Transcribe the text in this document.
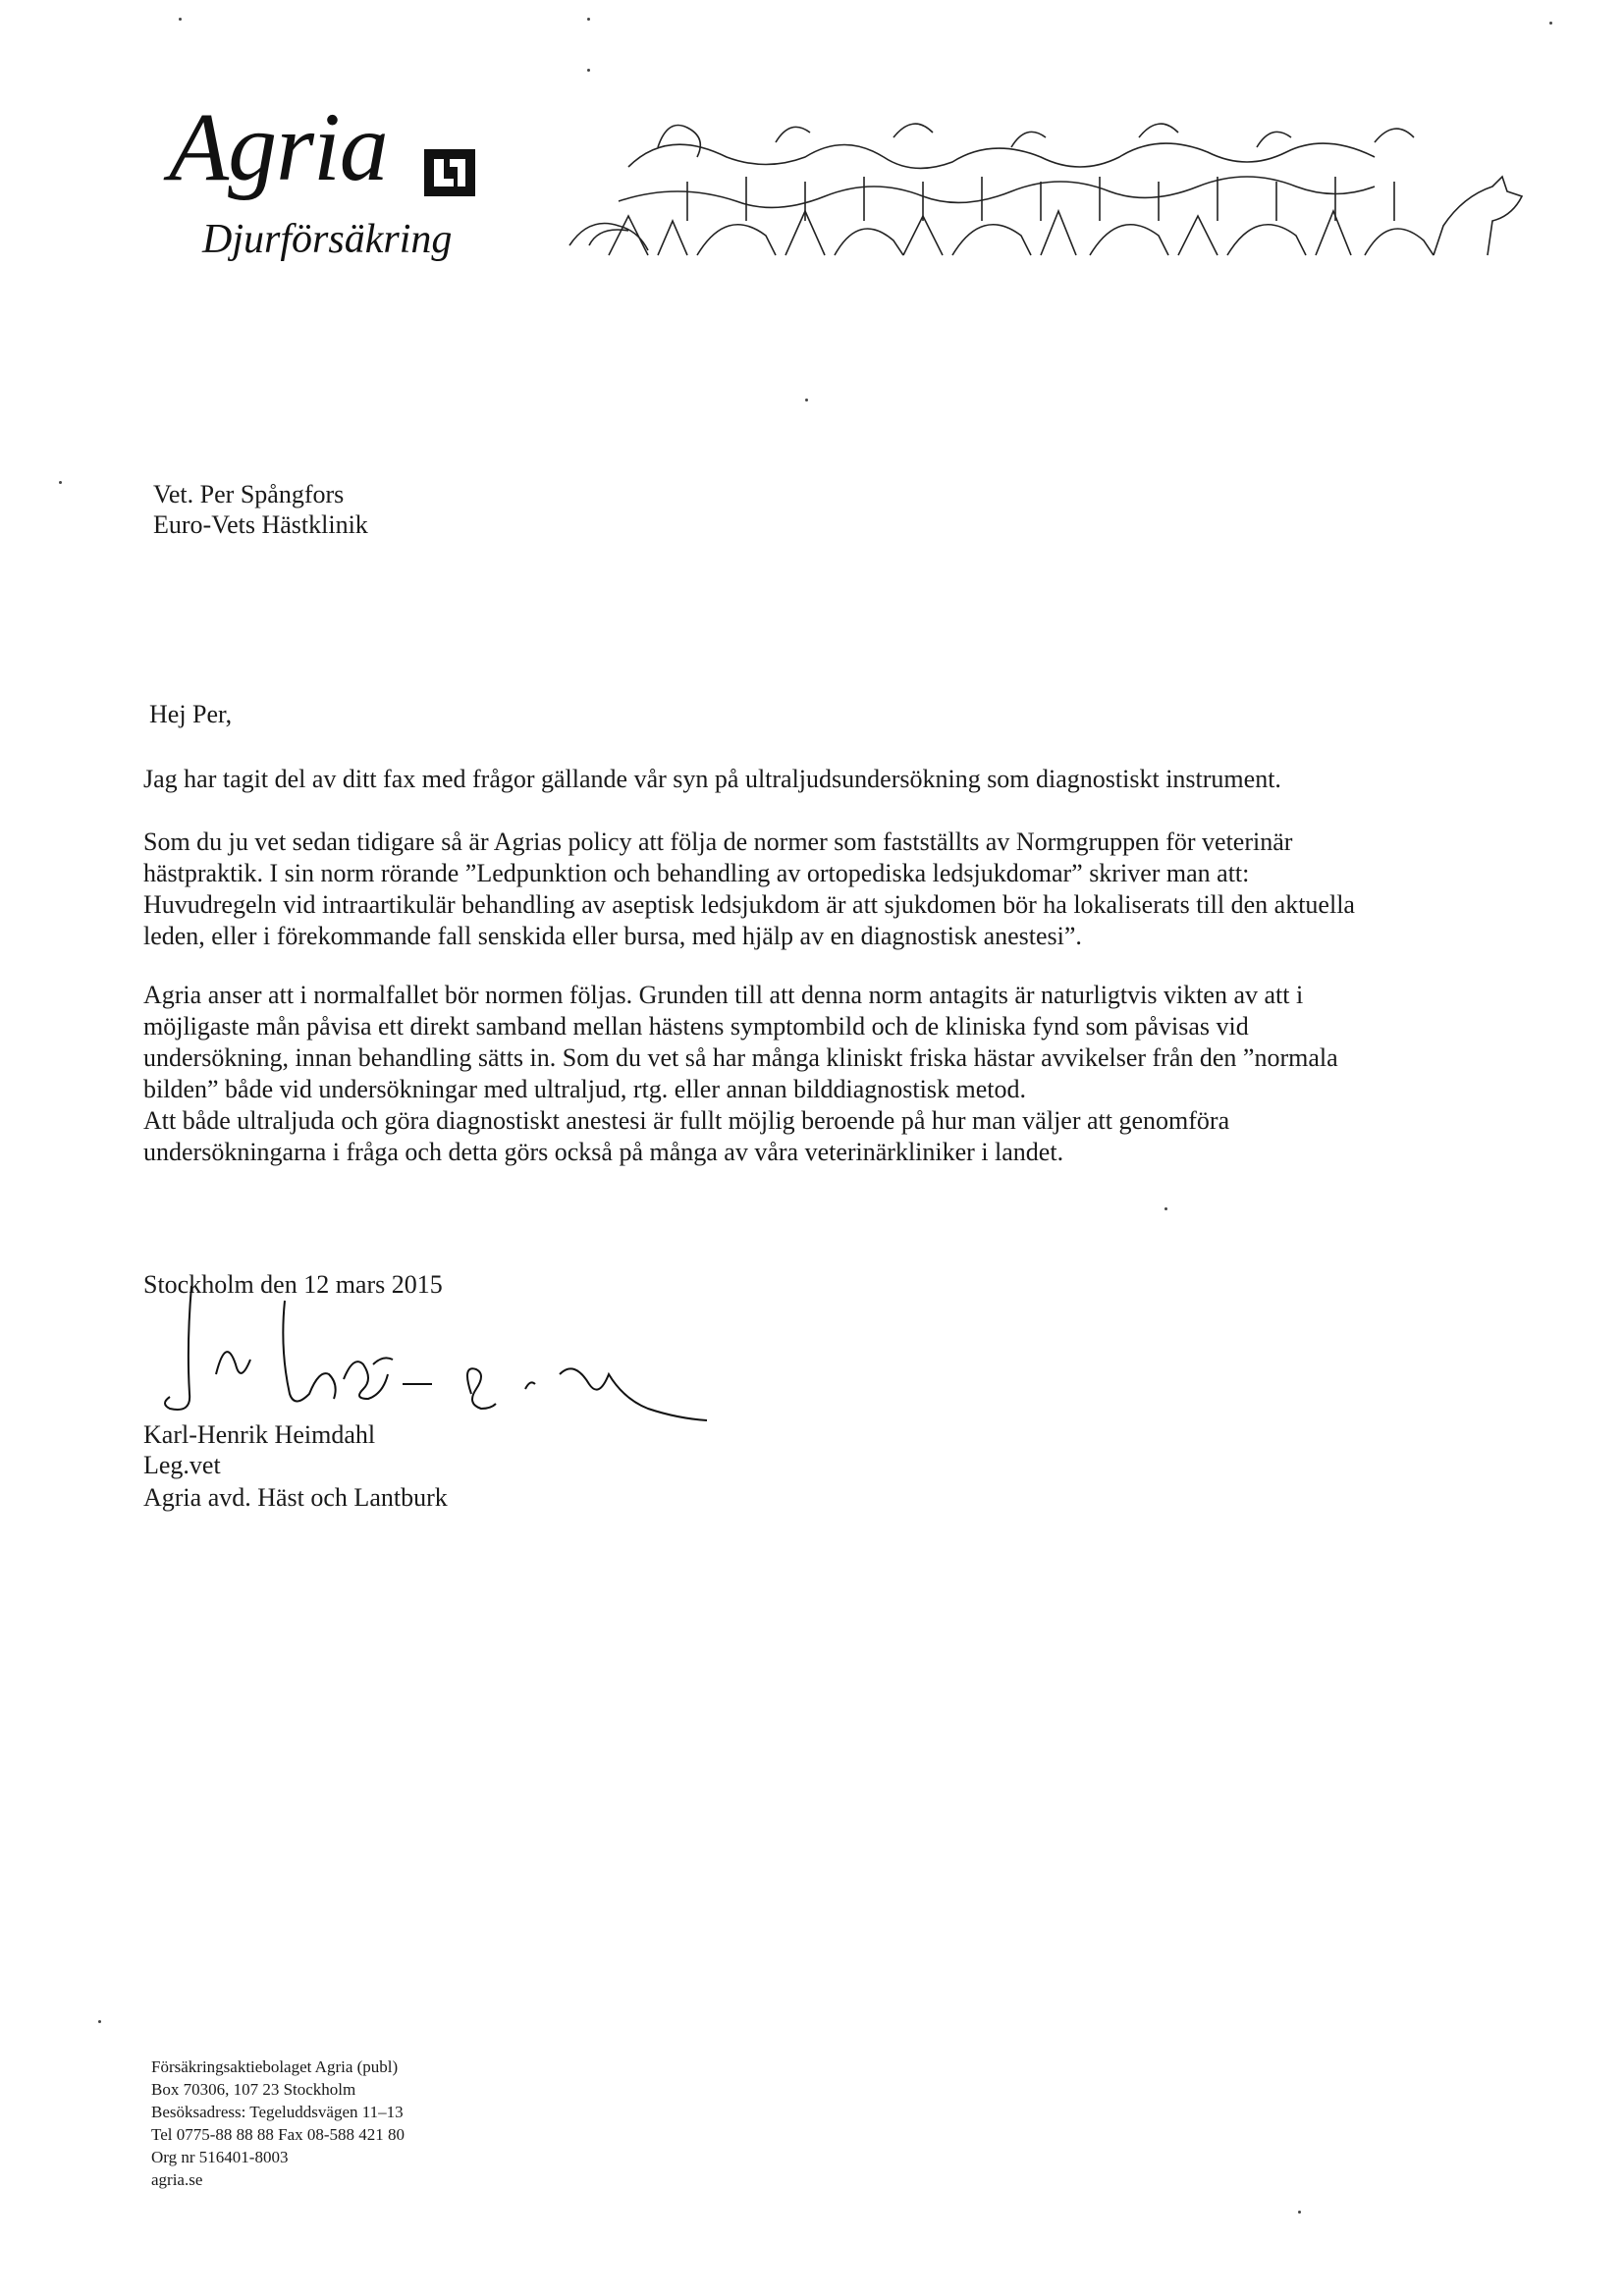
Agria
Djurförsäkring
Vet. Per Spångfors
Euro-Vets Hästklinik
Hej Per,
Jag har tagit del av ditt fax med frågor gällande vår syn på ultraljudsundersökning som diagnostiskt instrument.
Som du ju vet sedan tidigare så är Agrias policy att följa de normer som fastställts av Normgruppen för veterinär
hästpraktik. I sin norm rörande ”Ledpunktion och behandling av ortopediska ledsjukdomar” skriver man att:
Huvudregeln vid intraartikulär behandling av aseptisk ledsjukdom är att sjukdomen bör ha lokaliserats till den aktuella
leden, eller i förekommande fall senskida eller bursa, med hjälp av en diagnostisk anestesi”.
Agria anser att i normalfallet bör normen följas. Grunden till att denna norm antagits är naturligtvis vikten av att i
möjligaste mån påvisa ett direkt samband mellan hästens symptombild och de kliniska fynd som påvisas vid
undersökning, innan behandling sätts in. Som du vet så har många kliniskt friska hästar avvikelser från den ”normala
bilden” både vid undersökningar med ultraljud, rtg. eller annan bilddiagnostisk metod.
Att både ultraljuda och göra diagnostiskt anestesi är fullt möjlig beroende på hur man väljer att genomföra
undersökningarna i fråga och detta görs också på många av våra veterinärkliniker i landet.
Stockholm den 12 mars 2015
Karl-Henrik Heimdahl
Leg.vet
Agria avd. Häst och Lantburk
Försäkringsaktiebolaget Agria (publ)
Box 70306, 107 23 Stockholm
Besöksadress: Tegeluddsvägen 11–13
Tel 0775-88 88 88 Fax 08-588 421 80
Org nr 516401-8003
agria.se
